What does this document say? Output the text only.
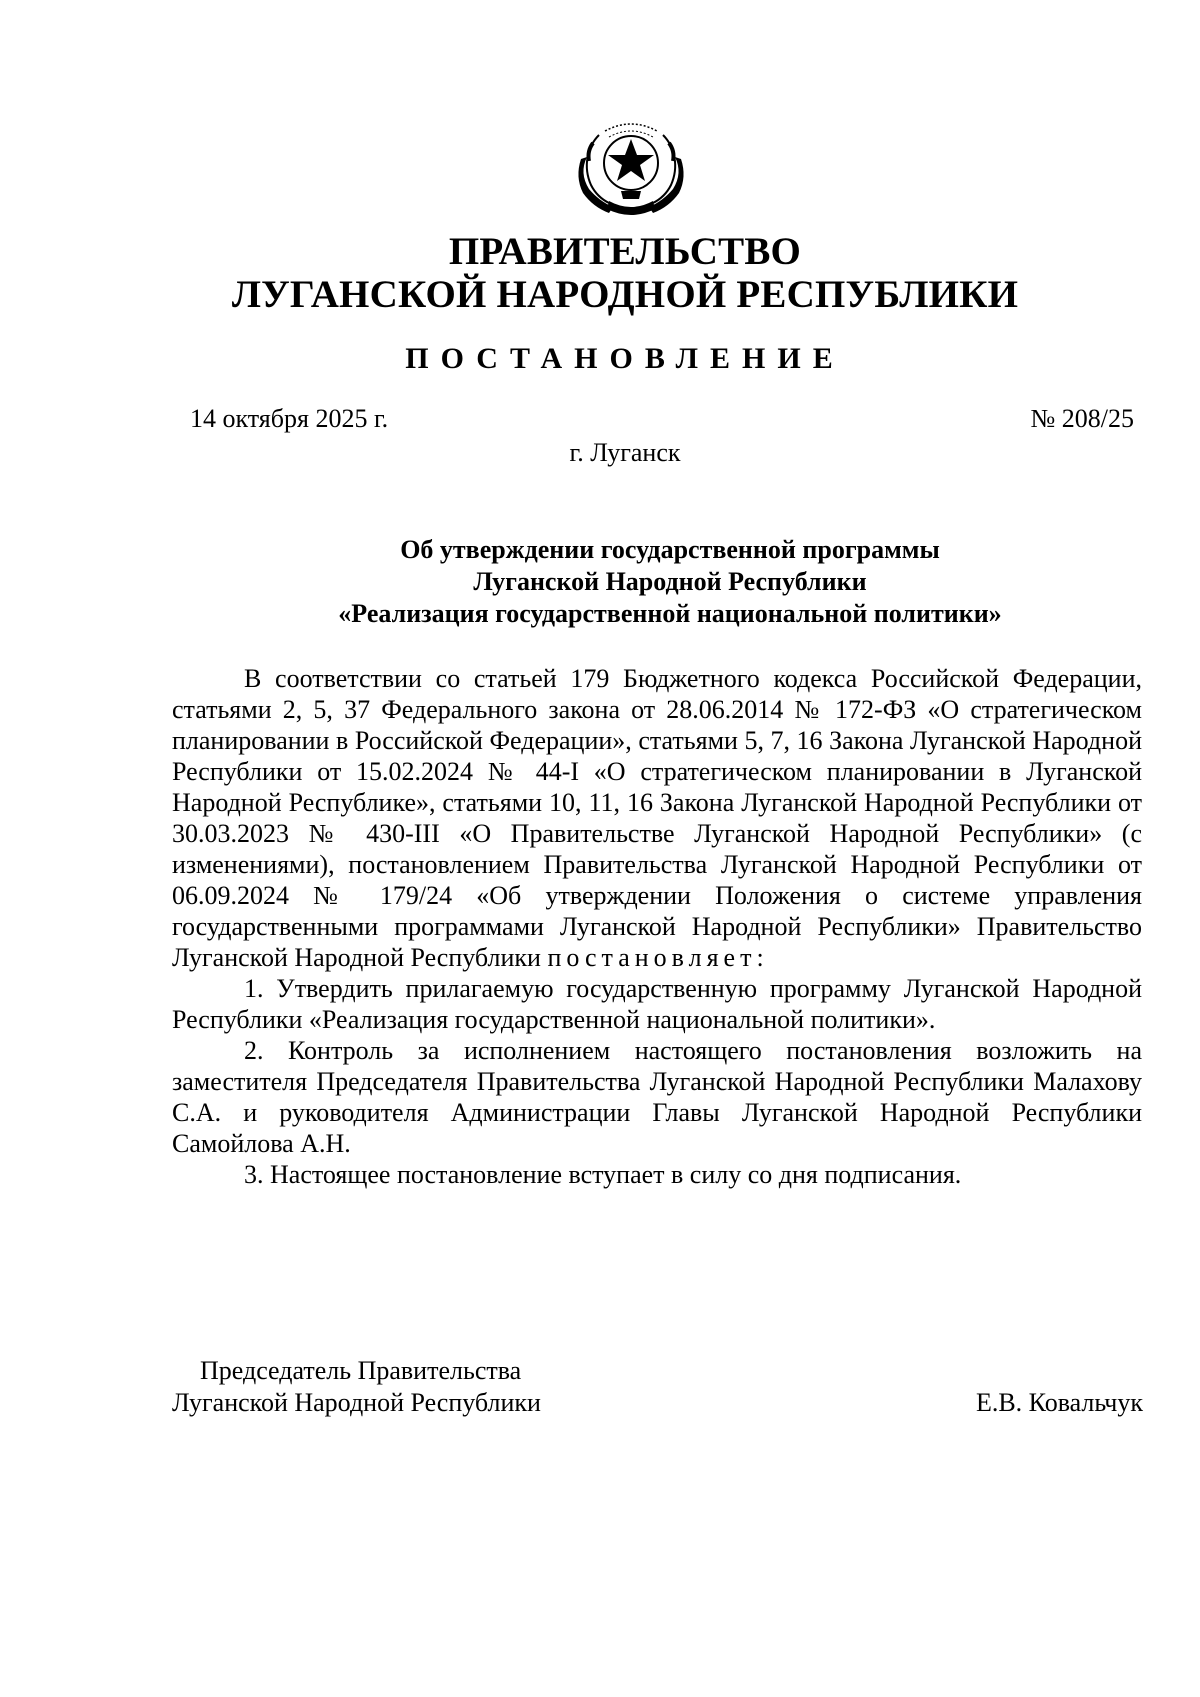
ПРАВИТЕЛЬСТВО
ЛУГАНСКОЙ НАРОДНОЙ РЕСПУБЛИКИ
ПОСТАНОВЛЕНИЕ
14 октября 2025 г.	№ 208/25
г. Луганск
Об утверждении государственной программы
Луганской Народной Республики
«Реализация государственной национальной политики»

В соответствии со статьей 179 Бюджетного кодекса Российской Федерации, статьями 2, 5, 37 Федерального закона от 28.06.2014 № 172-ФЗ «О стратегическом планировании в Российской Федерации», статьями 5, 7, 16 Закона Луганской Народной Республики от 15.02.2024 № 44-I «О стратегическом планировании в Луганской Народной Республике», статьями 10, 11, 16 Закона Луганской Народной Республики от 30.03.2023 № 430-III «О Правительстве Луганской Народной Республики» (с изменениями), постановлением Правительства Луганской Народной Республики от 06.09.2024 № 179/24 «Об утверждении Положения о системе управления государственными программами Луганской Народной Республики» Правительство Луганской Народной Республики постановляет:

1. Утвердить прилагаемую государственную программу Луганской Народной Республики «Реализация государственной национальной политики».

2. Контроль за исполнением настоящего постановления возложить на заместителя Председателя Правительства Луганской Народной Республики Малахову С.А. и руководителя Администрации Главы Луганской Народной Республики Самойлова А.Н.

3. Настоящее постановление вступает в силу со дня подписания.

Председатель Правительства
Луганской Народной Республики	Е.В. Ковальчук
